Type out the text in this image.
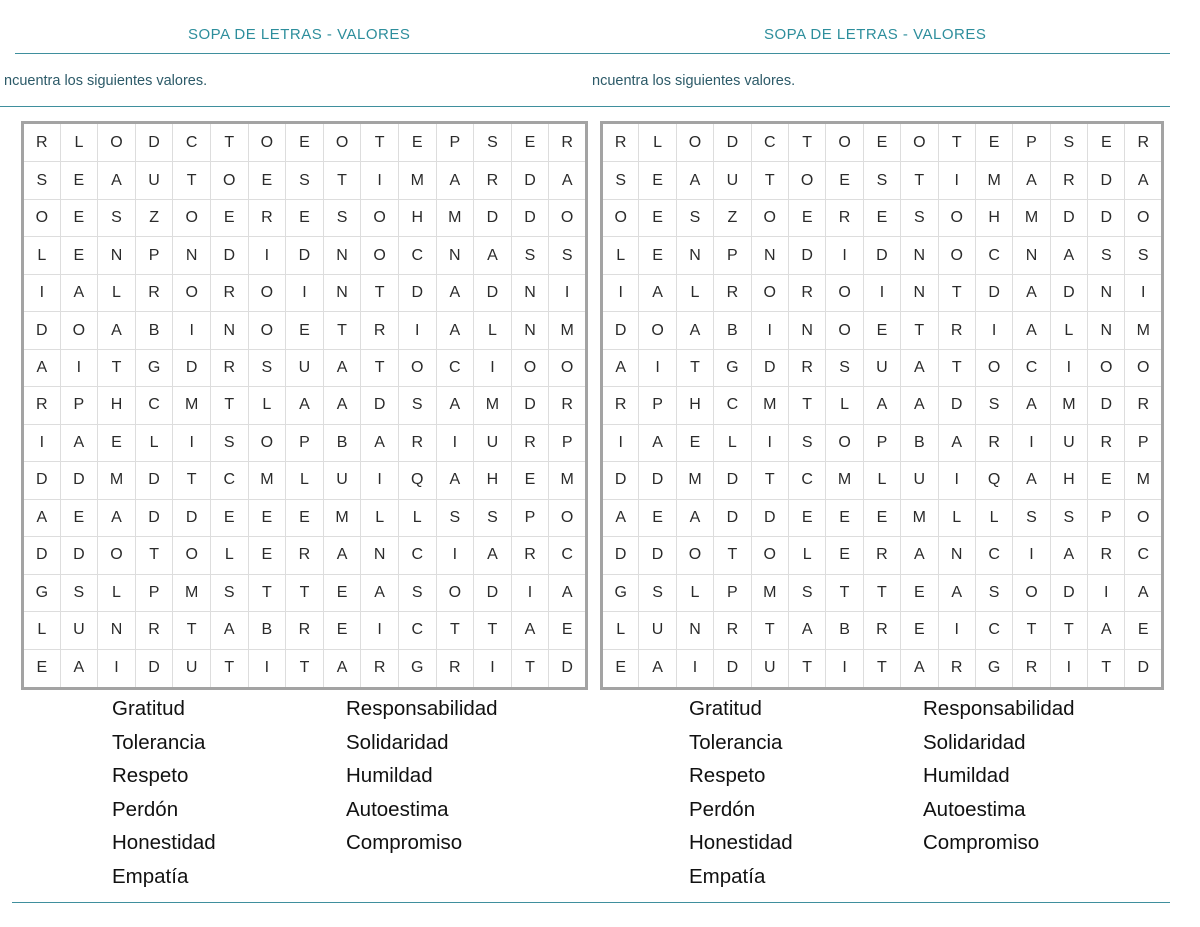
SOPA DE LETRAS - VALORES
ncuentra los siguientes valores.
R	L	O	D	C	T	O	E	O	T	E	P	S	E	R
S	E	A	U	T	O	E	S	T	I	M	A	R	D	A
O	E	S	Z	O	E	R	E	S	O	H	M	D	D	O
L	E	N	P	N	D	I	D	N	O	C	N	A	S	S
I	A	L	R	O	R	O	I	N	T	D	A	D	N	I
D	O	A	B	I	N	O	E	T	R	I	A	L	N	M
A	I	T	G	D	R	S	U	A	T	O	C	I	O	O
R	P	H	C	M	T	L	A	A	D	S	A	M	D	R
I	A	E	L	I	S	O	P	B	A	R	I	U	R	P
D	D	M	D	T	C	M	L	U	I	Q	A	H	E	M
A	E	A	D	D	E	E	E	M	L	L	S	S	P	O
D	D	O	T	O	L	E	R	A	N	C	I	A	R	C
G	S	L	P	M	S	T	T	E	A	S	O	D	I	A
L	U	N	R	T	A	B	R	E	I	C	T	T	A	E
E	A	I	D	U	T	I	T	A	R	G	R	I	T	D
Gratitud
Tolerancia
Respeto
Perdón
Honestidad
Empatía
Responsabilidad
Solidaridad
Humildad
Autoestima
Compromiso
SOPA DE LETRAS - VALORES
ncuentra los siguientes valores.
R	L	O	D	C	T	O	E	O	T	E	P	S	E	R
S	E	A	U	T	O	E	S	T	I	M	A	R	D	A
O	E	S	Z	O	E	R	E	S	O	H	M	D	D	O
L	E	N	P	N	D	I	D	N	O	C	N	A	S	S
I	A	L	R	O	R	O	I	N	T	D	A	D	N	I
D	O	A	B	I	N	O	E	T	R	I	A	L	N	M
A	I	T	G	D	R	S	U	A	T	O	C	I	O	O
R	P	H	C	M	T	L	A	A	D	S	A	M	D	R
I	A	E	L	I	S	O	P	B	A	R	I	U	R	P
D	D	M	D	T	C	M	L	U	I	Q	A	H	E	M
A	E	A	D	D	E	E	E	M	L	L	S	S	P	O
D	D	O	T	O	L	E	R	A	N	C	I	A	R	C
G	S	L	P	M	S	T	T	E	A	S	O	D	I	A
L	U	N	R	T	A	B	R	E	I	C	T	T	A	E
E	A	I	D	U	T	I	T	A	R	G	R	I	T	D
Gratitud
Tolerancia
Respeto
Perdón
Honestidad
Empatía
Responsabilidad
Solidaridad
Humildad
Autoestima
Compromiso
